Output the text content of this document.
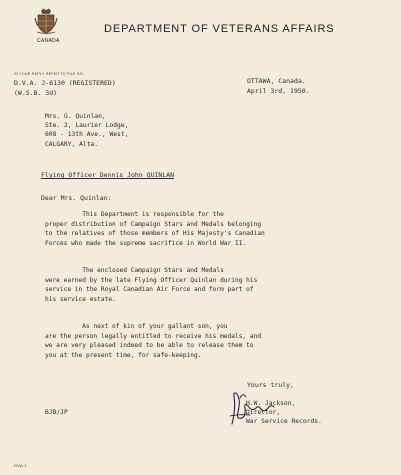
CANADA
DEPARTMENT OF VETERANS AFFAIRS
IN YOUR REPLY REFER TO FILE NO.
D.V.A. J-6130 (REGISTERED)
(W.S.B. 3d)
OTTAWA, Canada.
April 3rd, 1950.
Mrs. G. Quinlan,
Ste. 2, Laurier Lodge,
608 - 13th Ave., West,
CALGARY, Alta.
Flying Officer Dennis John QUINLAN
Dear Mrs. Quinlan:
This Department is responsible for the
proper distribution of Campaign Stars and Medals belonging
to the relatives of those members of His Majesty's Canadian
Forces who made the supreme sacrifice in World War II.
The enclosed Campaign Stars and Medals
were earned by the late Flying Officer Quinlan during his
service in the Royal Canadian Air Force and form part of
his service estate.
As next of kin of your gallant son, you
are the person legally entitled to receive his medals, and
we are very pleased indeed to be able to release them to
you at the present time, for safe-keeping.
Yours truly,
H.W. Jackson,
Director,
War Service Records.
BJB/JP
DVA 1
